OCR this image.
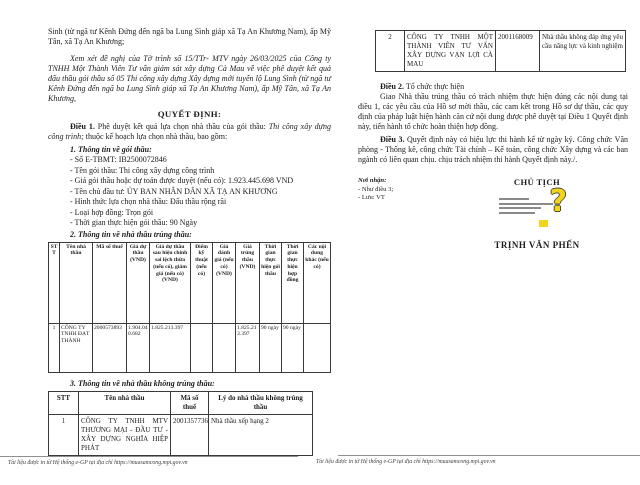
Sinh (từ ngã tư Kênh Đứng đến ngã ba Lung Sình giáp xã Tạ An Khương Nam), ấp Mỹ Tân, xã Tạ An Khương;

Xem xét đề nghị của Tờ trình số 15/TTr- MTV ngày 26/03/2025 của Công ty TNHH Một Thành Viên Tư vấn giám sát xây dựng Cà Mau về việc phê duyệt kết quả đấu thầu gói thầu số 05 Thi công xây dựng Xây dựng mới tuyến lộ Lung Sình (từ ngã tư Kênh Đứng đến ngã ba Lung Sình giáp xã Tạ An Khương Nam), ấp Mỹ Tân, xã Tạ An Khương,

QUYẾT ĐỊNH:

Điều 1. Phê duyệt kết quả lựa chọn nhà thầu của gói thầu: Thi công xây dựng công trình; thuộc kế hoạch lựa chọn nhà thầu, bao gồm:

1. Thông tin về gói thầu:

- Số E-TBMT: IB2500072846

- Tên gói thầu: Thi công xây dựng công trình

- Giá gói thầu hoặc dự toán được duyệt (nếu có): 1.923.445.698 VND

- Tên chủ đầu tư: ỦY BAN NHÂN DÂN XÃ TẠ AN KHƯƠNG

- Hình thức lựa chọn nhà thầu: Đấu thầu rộng rãi

- Loại hợp đồng: Trọn gói

- Thời gian thực hiện gói thầu: 90 Ngày

2. Thông tin về nhà thầu trúng thầu:
STT	Tên nhà thầu	Mã số thuế	Giá dự thầu (VND)	Giá dự thầu sau hiệu chỉnh sai lệch thừa (nếu có), giảm giá (nếu có) (VND)	Điểm kỹ thuật (nếu có)	Giá đánh giá (nếu có) (VND)	Giá trúng thầu (VND)	Thời gian thực hiện gói thầu	Thời gian thực hiện hợp đồng	Các nội dung khác (nếu có)
1	CÔNG TY TNHH ĐẠT THÀNH	2000573893	1.904.040.682	1.825.213.397			1.825.213.397	90 ngày	90 ngày	
3. Thông tin về nhà thầu không trúng thầu:
STT	Tên nhà thầu	Mã số thuế	Lý do nhà thầu không trúng thầu
1	CÔNG TY TNHH MTV THƯƠNG MẠI - ĐẦU TƯ - XÂY DỰNG NGHĨA HIỆP PHÁT	2001357736	Nhà thầu xếp hạng 2
2	CÔNG TY TNHH MỘT THÀNH VIÊN TƯ VẤN XÂY DỰNG VẠN LỢI CÀ MAU	2001168009	Nhà thầu không đáp ứng yêu cầu năng lực và kinh nghiệm

Điều 2. Tổ chức thực hiện

Giao Nhà thầu trúng thầu có trách nhiệm thực hiện đúng các nội dung tại điều 1, các yêu cầu của Hồ sơ mời thầu, các cam kết trong Hồ sơ dự thầu, các quy định của pháp luật hiện hành căn cứ nội dung được phê duyệt tại Điều 1 Quyết định này, tiến hành tổ chức hoàn thiện hợp đồng.

Điều 3. Quyết định này có hiệu lực thi hành kể từ ngày ký. Công chức Văn phòng - Thống kê, công chức Tài chính – Kế toán, công chức Xây dựng và các ban ngành có liên quan chịu. chịu trách nhiệm thi hành Quyết định này./.

Nơi nhận:
- Như điều 3;
- Lưu: VT
CHỦ TỊCH
?
TRỊNH VĂN PHẾN
Tài liệu được in từ Hệ thống e-GP tại địa chỉ https://muasamcong.mpi.gov.vn	Tài liệu được in từ Hệ thống e-GP tại địa chỉ https://muasamcong.mpi.gov.vn
